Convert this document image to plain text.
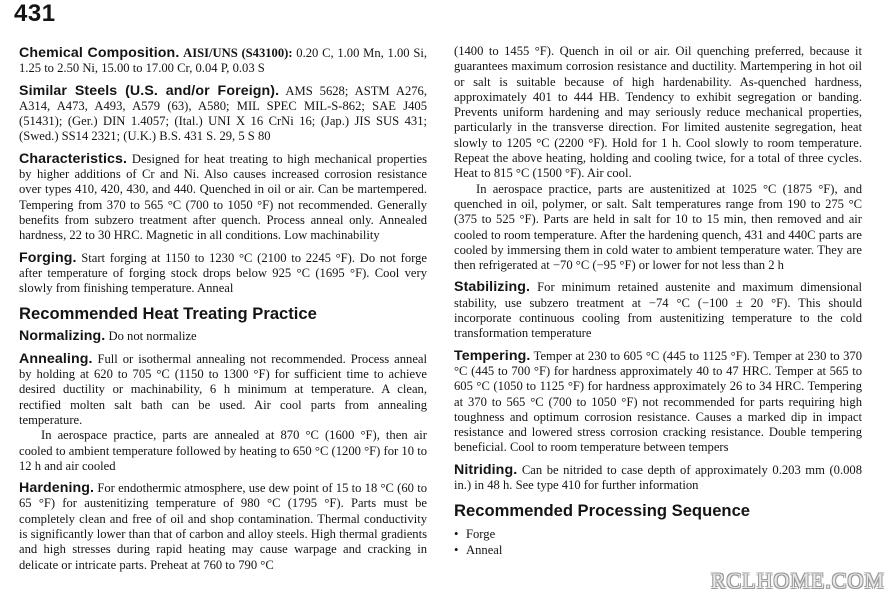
431

Chemical Composition. AISI/UNS (S43100): 0.20 C, 1.00 Mn, 1.00 Si, 1.25 to 2.50 Ni, 15.00 to 17.00 Cr, 0.04 P, 0.03 S

Similar Steels (U.S. and/or Foreign). AMS 5628; ASTM A276, A314, A473, A493, A579 (63), A580; MIL SPEC MIL-S-862; SAE J405 (51431); (Ger.) DIN 1.4057; (Ital.) UNI X 16 CrNi 16; (Jap.) JIS SUS 431; (Swed.) SS14 2321; (U.K.) B.S. 431 S. 29, 5 S 80

Characteristics. Designed for heat treating to high mechanical properties by higher additions of Cr and Ni. Also causes increased corrosion resistance over types 410, 420, 430, and 440. Quenched in oil or air. Can be martempered. Tempering from 370 to 565 °C (700 to 1050 °F) not recommended. Generally benefits from subzero treatment after quench. Process anneal only. Annealed hardness, 22 to 30 HRC. Magnetic in all conditions. Low machinability

Forging. Start forging at 1150 to 1230 °C (2100 to 2245 °F). Do not forge after temperature of forging stock drops below 925 °C (1695 °F). Cool very slowly from finishing temperature. Anneal

Recommended Heat Treating Practice

Normalizing. Do not normalize

Annealing. Full or isothermal annealing not recommended. Process anneal by holding at 620 to 705 °C (1150 to 1300 °F) for sufficient time to achieve desired ductility or machinability, 6 h minimum at temperature. A clean, rectified molten salt bath can be used. Air cool parts from annealing temperature.

In aerospace practice, parts are annealed at 870 °C (1600 °F), then air cooled to ambient temperature followed by heating to 650 °C (1200 °F) for 10 to 12 h and air cooled

Hardening. For endothermic atmosphere, use dew point of 15 to 18 °C (60 to 65 °F) for austenitizing temperature of 980 °C (1795 °F). Parts must be completely clean and free of oil and shop contamination. Thermal conductivity is significantly lower than that of carbon and alloy steels. High thermal gradients and high stresses during rapid heating may cause warpage and cracking in delicate or intricate parts. Preheat at 760 to 790 °C

(1400 to 1455 °F). Quench in oil or air. Oil quenching preferred, because it guarantees maximum corrosion resistance and ductility. Martempering in hot oil or salt is suitable because of high hardenability. As-quenched hardness, approximately 401 to 444 HB. Tendency to exhibit segregation or banding. Prevents uniform hardening and may seriously reduce mechanical properties, particularly in the transverse direction. For limited austenite segregation, heat slowly to 1205 °C (2200 °F). Hold for 1 h. Cool slowly to room temperature. Repeat the above heating, holding and cooling twice, for a total of three cycles. Heat to 815 °C (1500 °F). Air cool.

In aerospace practice, parts are austenitized at 1025 °C (1875 °F), and quenched in oil, polymer, or salt. Salt temperatures range from 190 to 275 °C (375 to 525 °F). Parts are held in salt for 10 to 15 min, then removed and air cooled to room temperature. After the hardening quench, 431 and 440C parts are cooled by immersing them in cold water to ambient temperature water. They are then refrigerated at −70 °C (−95 °F) or lower for not less than 2 h

Stabilizing. For minimum retained austenite and maximum dimensional stability, use subzero treatment at −74 °C (−100 ± 20 °F). This should incorporate continuous cooling from austenitizing temperature to the cold transformation temperature

Tempering. Temper at 230 to 605 °C (445 to 1125 °F). Temper at 230 to 370 °C (445 to 700 °F) for hardness approximately 40 to 47 HRC. Temper at 565 to 605 °C (1050 to 1125 °F) for hardness approximately 26 to 34 HRC. Tempering at 370 to 565 °C (700 to 1050 °F) not recommended for parts requiring high toughness and optimum corrosion resistance. Causes a marked dip in impact resistance and lowered stress corrosion cracking resistance. Double tempering beneficial. Cool to room temperature between tempers

Nitriding. Can be nitrided to case depth of approximately 0.203 mm (0.008 in.) in 48 h. See type 410 for further information

Recommended Processing Sequence
• Forge
• Anneal
RCLHOME.COM
